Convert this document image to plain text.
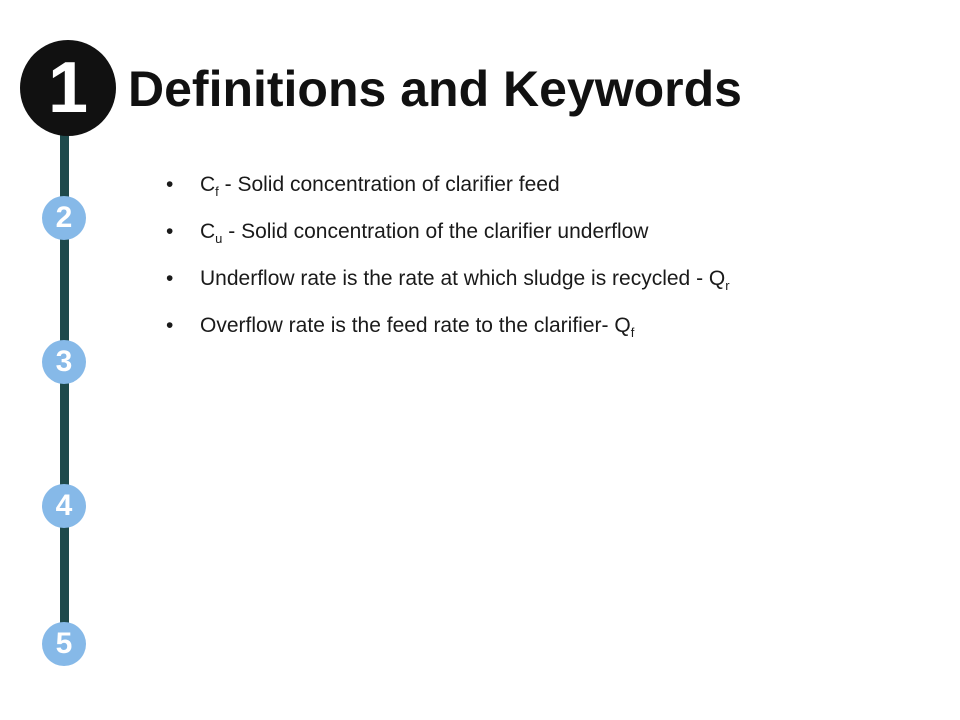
1
2
3
4
5
Definitions and Keywords
• $C_f$ - Solid concentration of clarifier feed
• $C_u$ - Solid concentration of the clarifier underflow
• Underflow rate is the rate at which sludge is recycled - $Q_r$
• Overflow rate is the feed rate to the clarifier- $Q_f$
